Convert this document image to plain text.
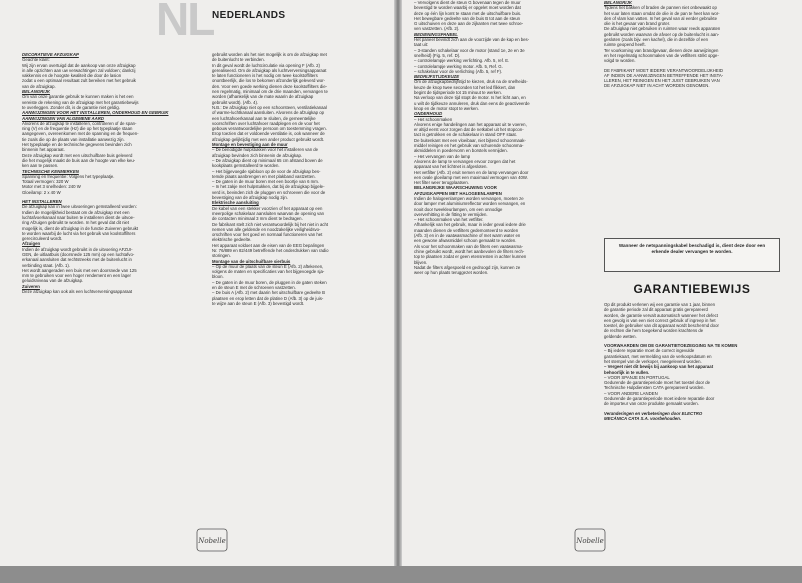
NL
NEDERLANDS

DECORATIEVE AFZUIGKAP

Geachte klant:

Wij zijn ervan overtuigd dat de aankoop van onze afzuigkap

in alle opzichten aan uw verwachtingen zal voldoen; dankzij

vakkennis en de hoogste kwaliteit die door de lasion

zodat u een optimaal resultaat zult bereiken met het gebruik

van de afzuigkap.

BELANGRIJK

Om van onze garantie gebruik te kunnen maken is het een

vereiste de rekening van de afzuigkap met het garantiebewijs

te overleggen. Zonder dit, is de garantie niet geldig.

AANWIJZINGEN VOOR HET INSTALLEREN, ONDERHOUD EN GEBRUIK

AANWIJZINGEN VAN ALGEMENE AARD

Alvorens de afzuigkap te installeren, controleren of de span-

ning (V) en de frequentie (Hz) die op het typeplaatje staan

aangegeven, overeenkomen met de spanning en de frequen-

tie zoals die op de plaats van installatie aanwezig zijn.

Het typeplaatje en de technische gegevens bevinden zich

binnenin het apparaat.

Deze afzuigkap wordt met een uitschuifbare buis geleverd

die het mogelijk maakt de buis aan de hoogte van elke keu-

ken aan te passen.

TECHNISCHE KENMERKEN

Spanning en frequentie: Volgens het typeplaatje.

Totaal vermogen: 320 W

Motor met 3 snelheden: 240 W

Gloeilamp: 2 x 40 W

HET INSTALLEREN

De afzuigkap kan in twee uitvoeringen geïnstalleerd worden:

Indien de mogelijkheid bestaat om de afzuigkap met een

luchtafvoerkanaal naar buiten te installeren dient de uitvoe-

ring Afzuigen gebruikt te worden. In het geval dat dit niet

mogelijk is, dient de afzuigkap in de functie Zuiveren gebruikt

te worden waarbij de lucht via het gebruik van koolstoffilters

gerecirculeerd wordt.

Afzuigen

Indien de afzuigkap wordt gebruikt in de uitvoering AFZUI-

GEN, de uitlaatbuis (doorsnede 125 mm) op een luchtafvo-

erkanaal aansluiten dat rechtstreeks met de buitenlucht in

verbinding staat. (Afb. 1).

Het wordt aangeraden een buis met een doorsnede van 125

mm te gebruiken voor een hoger rendement en een lager

geluidsniveau van de afzuigkap.

Zuiveren

Deze afzuigkap kan ook als een luchtverversingsapparaat

gebruikt worden als het niet mogelijk is om de afzuigkap met

de buitenlucht te verbinden.

In dit geval wordt de luchtcirculatie via opening F (Afb. 2)

gerealiseerd. Om de afzuigkap als luchtverversingsapparaat

te laten functioneren is het nodig om twee koolstoffilters

onontbeerlijk, die los te bekomen afzonderlijk geleverd wor-

den. Voor een goede werking dienen deze koolstoffilters die-

nen regelmatig, minimaal om de drie maanden, vervangen te

worden (afhankelijk van de mate waarin de afzuigkap

gebruikt wordt). (Afb. 4).

N.B.: De afzuigkap niet op een schoorsteen, ventilatiekanaal

of warme-luchtkanaal aansluiten. Alvorens de afzuigkap op

een luchtafvoerkanaal aan te sluiten, de gemeentelijke

voorschriften over luchtafvoer raadplegen en de voor het

gebouw verantwoordelijke persoon om toestemming vragen.

Erop toezien dat er voldoende ventilatie is, ook wanneer de

afzuigkap gelijktijdig met een ander product gebruikt wordt.

Montage en bevestiging aan de muur

– De benodigde hulpstukken voor het installeren van de

afzuigkap bevinden zich binnenin de afzuigkap.

– De afzuigkap dient op minimaal 65 cm afstand boven de

kookplaats geïnstalleerd te worden.

– Het bijgevoegde sjabloon op de voor de afzuigkap bes-

temde plaats aanbrengen en met plakband vastzetten.

– De gaten in de muur boren met een boortje van 6 mm.

– In het zakje met hulpstukken, dat bij de afzuigkap bijgele-

verd is, bevinden zich de pluggen en schroeven die voor de

bevestiging van de afzuigkap nodig zijn.

Elektrische aansluiting

De kabel van een stekker voorzien of het apparaat op een

meerpolige schakelaar aansluiten waarvan de opening van

de contacten minimaal 3 mm dient te bedragen.

De fabrikant stelt zich niet verantwoordelijk bij het niet in acht

nemen van alle geldende en noodzakelijke veiligheidsvo-

orschriften voor het goed en normaal functioneren van het

elektrische gedeelte.

Het apparaat voldoet aan de eisen van de EEG bepalingen

Nr. 76/889 en 82/449 betreffende het onderdrukken van radio

storingen.

Montage van de uitschuifbare sierbuis

– Op de muur de plaats van de steun E (Afb. 2) aftekenen,

volgens de maten en specificaties van het bijgevoegde sja-

bloon.

– De gaten in de muur boren, de pluggen in de gaten steken

en de steun E met de schroeven vastzetten.

– De buis A (Afb. 2) met daarin het uitschuifbare gedeelte B

plaatsen en erop letten dat de platine D (Afb. 3) op de juis-

te wijze aan de steun E (Afb. 3) bevestigd wordt.

– Vervolgens dient de steun G bovenaan tegen de muur

bevestigd te worden waarbij er opgelet moet worden dat

deze op één lijn komt te staan met de uitschuifbare buis.

Het bewegbare gedeelte van de buis B tot aan de steun

G uitschuiven en deze aan de zijkanten met twee schroe-

ven vastzetten. (Afb. 2).

BEDIENINGSPANEEL

Het paneel bevindt zich aan de voorzijde van de kap en bes-

taat uit:

– 3-standen schakelaar voor de motor (stand 1e, 2e en 3e

snelheid) (Fig. 5, ref. D).

– controlelampje werking verlichting. Afb. 5, ref. E.

– controlelampje werking motor. Afb. 5, Ref. G.

– schakelaar voor de verlichting (Afb. 5, ref F).

BEDRIJFSTIJDKEUZE

Om de afzuigkapbedrijfstijd te kiezen, druk na de snelheids-

keuze de knop twee seconden tot het led flikkert, dan

begint de tijdsperiode tot 15 minuut te werken.

Na verloop van deze tijd stopt de motor. Is het licht aan, en

u wilt de tijdkeuze annuleren, druk dan eens de geactiveerde

knop en de motor stopt te werken.

ONDERHOUD

– Het schoonmaken

Alvorens enige handelingen aan het apparaat uit te voeren,

er altijd eerst voor zorgen dat de netkabel uit het stopcon-

tact is getrokken en de schakelaar in stand OFF staat.

De buitenkant met een vloeibaar, niet bijtend schoonmaak-

middel reinigen en het gebruik van schurende schoonma-

akmiddelen in poedervorm en borstels vermijden.

– Het vervangen van de lamp

Alvorens de lamp te vervangen ervoor zorgen dat het

apparaat van het lichtnet is afgesloten.

Het vetfilter (Afb. 2) eruit nemen en de lamp vervangen door

een ovale gloeilamp met een maximaal vermogen van 40W.

Het filter weer terugplaatsen.

BELANGRIJKE WAARSCHUWING VOOR

AFZUIGKAPPEN MET HALOGEENLAMPEN

Indien de halogeenlampen worden vervangen, moeten ze

door lamper met aluminiumreflector worden vervangen, en

nooit door tweekleurlampen, om een onnodige

oververhitting in de fitting te vermijden.

– Het schoonmaken van het vetfilter.

Afhankelijk van het gebruik, maar in ieder geval iedere drie

maanden dienen de vetfilters gedemonteerd te worden

(Afb. 3) en in de vaatwasmachine of met warm water en

een gewone afwasmiddel schoon gemaakt te worden.

Als voor het schoonmaken van de filters een vaatwasma-

chine gebruikt wordt, wordt het aanbevolen de filters rech-

top te plaatsen zodat er geen etensresten in achter kunnen

blijven.

Nadat de filters afgespoeld en gedroogd zijn, kunnen ze

weer op hun plaats teruggezet worden.

BELANGRIJK

Tijdens het bakken of braden de pannen niet onbewaakt op

het vuur laten staan omdat de olie in de pan te heet kan wor-

den of vlam kan vatten. In het geval van al eerder gebruikte

olie is het gevaar van brand groter.

De afzuigkap niet gebruiken in ruimten waar reeds apparaten

gebruikt worden waarvan de afvoer op de buitenlucht is aan-

gesloten (zoals bijv. een kachel), die in dezelfde of een

ruimte geopend heeft.

Ter voorkoming van brandgevaar, dienen deze aanwijzingen

en het regelmatig schoonmaken van de vetfilters strikt opge-

volgd te worden.

DE FABRIKANT MOET IEDERE VERANTWOORDELIJKHEID

AF INDIEN DE AANWIJZINGEN BETREFFENDE HET INSTA-

LLEREN, HET REINIGEN EN HET JUIST GEBRUIKEN VAN

DE AFZUIGKAP NIET IN ACHT WORDEN GENOMEN.

Wanneer de netspanningskabel beschadigd is, dient deze door een erkende dealer vervangen te worden.
GARANTIEBEWIJS

Op dit produkt verlenen wij een garantie van 1 jaar, binnen

de garantie periode zal dit apparaat gratis gerepareerd

worden, de garantie vervalt automatisch wanneer het defect

een gevolg is van een niet correct gebruik of ingreep in het

toestel, de gebruiker van dit apparaat wordt beschermd door

de rechten die hem toegekend worden krachtens de

geldende wetten.

VOORWAARDEN OM DE GARANTIETOEZEGGING NA TE KOMEN

– Bij iedere reparatie moet de correct ingevulde

garantiekaart, met vermelding van de verkoopsdatum en

het stempel van de verkoper, meegeleverd worden.

– Vergeet niet dit bewijs bij aankoop van het apparaat

behoorlijk in te vullen.

– VOOR SPANJE EN PORTUGAL

Gedurende de garantieperiode moet het toestel door de

Technische Hulpdiensten CATA gerepareerd worden.

– VOOR ANDERE LANDEN

Gedurende de garantieperiode moet iedere reparatie door

de importeur van onze produkte gemaakt worden.

Veranderingen en verbeteringen door ELECTRO

MECÁNICA CATA S.A. voorbehouden.

Nobelle	Nobelle
